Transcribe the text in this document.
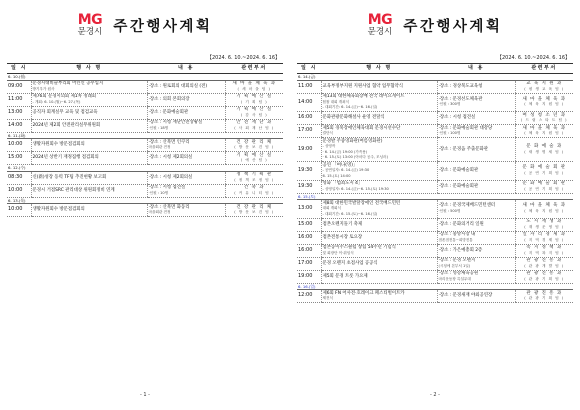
MG
문경시 주간행사계획
【2024. 6. 10.~2024. 6. 16】
일 시	행 사 명	내 용	관련부서
6. 10.(월)			
09:00	문경시대비슬부리회 어린신 공무입지
방기우가 원사	·장소 : 원로회의 대회의실 (전)	새 마 을 체 육 과
( 새 마 을 팀 )

11:00	제76회 문경시의회 제1차 정례회
- 개회: 6. 10.(월)~6. 27.(목)	·장소 : 의회 본회의장	기 획 예 산 실
( 기 획 팀 )

13:00	공직자 회계실무 교육 및 점검교육	·장소 : 문화예술회관	기 획 예 산 실
( 감 사 팀 )

14:00	2024년 제2회 안전관리실무위원회	·장소 : 시청 재난안전상황실
·인원 : 18명	안 전 재 난 과
( 사 회 재 난 팀 )

6. 11.(화)			
10:00	생활자원회수 방문점검회의	·장소 : 산북면 인쿠리
마을회관 전정	건 강 관 리 체
( 방 문 보 건 팀 )

15:00	2024년 상반기 재정집행 점검회의	·장소 : 시청 제2회의실	기 획 예 산 실
( 예 산 팀 )

6. 12.(수)			
08:30	신(新)성장 동력 TF팀 추진현황 보고회	·장소 : 시청 제2회의실	정 책 기 획 관
( 정 책 조 정 팀 )

10:00	문경시 거점SRC 관리대상 위원회정비 연계	·장소 : 시청 접견실
·인원 : 10명	건 축 과
( 커 뮤 니 티 팀 )

6. 13.(목)			
10:00	생활자원회수 방문점검회의	·장소 : 산북면 화동리
마을회관 전정	건 강 관 리 체
( 방 문 보 건 팀 )
- 1 -
MG
문경시 주간행사계획
【2024. 6. 10.~2024. 6. 16】
일 시	행 사 명	내 용	관련부서
6. 14.(금)			
11:00	교육부정부지원 지원사업 협약 업무협약식	·장소 : 경상북도교육청	교 육 지 원 과
( 평 생 교 육 팀 )

14:00	제13회 대한체육회장배 전국 레이요게이트
힘찰 대회 개최식
- 대회기간: 6. 14.(금)~6. 16.(일)	·장소 : 문경선도체육관
·인원 : 300명	새 마 을 체 육 과
( 체 육 지 원 팀 )

16:00	문화관광문화해설사 운영 전달식	·장소 : 시청 접견실	여 성 청 소 년 과
( 드 림 스 타 트 팀 )

17:00	제5회 경북장애인체육대회 문경시선수단
결단식	·장소 : 문화예술회관 대강당
·인원 : 100명	새 마 을 체 육 과
( 체 육 지 원 팀 )

19:00	문경발 주중영화관(여름영화관)
- 상영작
· 6. 14.(금) 19:00 (가족용)
· 6. 15.(토) 13:00 (아마다 공주, 모닝러)	·장소 : 문경읍 주출문화관	문 화 예 술 과
( 새 생 명 세 팀 )

19:30	공연 「여나(영)」
- 공연일자: 6. 14.(금) 19:30
6. 15.(토) 14:00	·장소 : 문화예술회관	문 화 예 술 회 관
( 공 연 기 획 팀 )

19:30	영화 「범죄도시 4」
- 상영일자: 6. 14.(금)~6. 15.(토) 19:30	·장소 : 문화예술회관	문 화 예 술 회 관
( 공 연 기 획 팀 )

6. 15.(토)			
13:00	제8회 대한민국발달장애인 전국배드민턴
대회 개회식
- 대회기간: 6. 15.(토)~6. 16.(일)	·장소 : 문경국제배드민턴센터
·인원 : 500명	새 마 을 체 육 과
( 체 육 지 원 팀 )

15:00	점촌오렌지돌기 축제	·장소 : 문화의거리 일원	도 시 재 생 과
( 재 생 운 영 팀 )

16:00	점촌전통시장 토요장	·장소 : 중앙시장 내
점촌점전통~희망전통	일 자 리 경 제 과
( 지 역 경 제 팀 )

16:00	점촌농이주스클럽 창립 54주년 기념식
및 회장단 이·취임식	·장소 : 가은예총회 2층	복 지 정 책 과
( 지 역 복 지 팀 )

17:00	문경 오렌지 초점사업 공공식	·장소 : 문경 오렌지
(시청에 본부서 1일)	관 광 진 흥 과
( 관 광 개 발 팀 )

19:00	제5회 문경 트롯 가요제	·장소 : 영강체육공원
마리운동장 특설무대	관 광 진 흥 과
( 관 광 기 획 팀 )

6. 16.(일)			
12:00	제6회 FN 어사전·호레이크 페스티벌이트카
제전식	·장소 : 문경새재 야외공연장	관 광 진 흥 과
( 관 광 기 획 팀 )
- 2 -
